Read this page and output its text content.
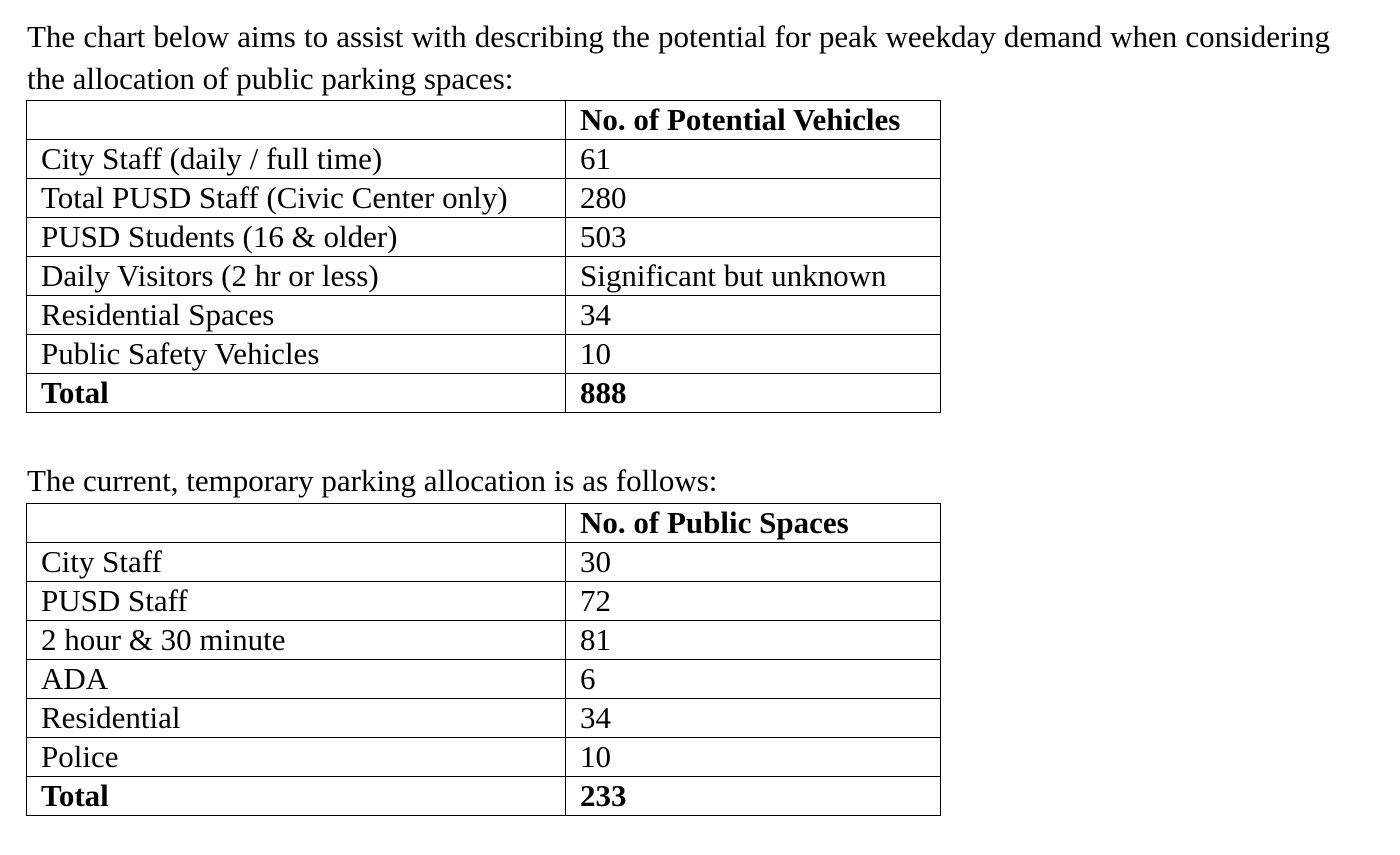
The chart below aims to assist with describing the potential for peak weekday demand when considering the allocation of public parking spaces:

	No. of Potential Vehicles
City Staff (daily / full time)	61
Total PUSD Staff (Civic Center only)	280
PUSD Students (16 & older)	503
Daily Visitors (2 hr or less)	Significant but unknown
Residential Spaces	34
Public Safety Vehicles	10
Total	888

The current, temporary parking allocation is as follows:

	No. of Public Spaces
City Staff	30
PUSD Staff	72
2 hour & 30 minute	81
ADA	6
Residential	34
Police	10
Total	233
